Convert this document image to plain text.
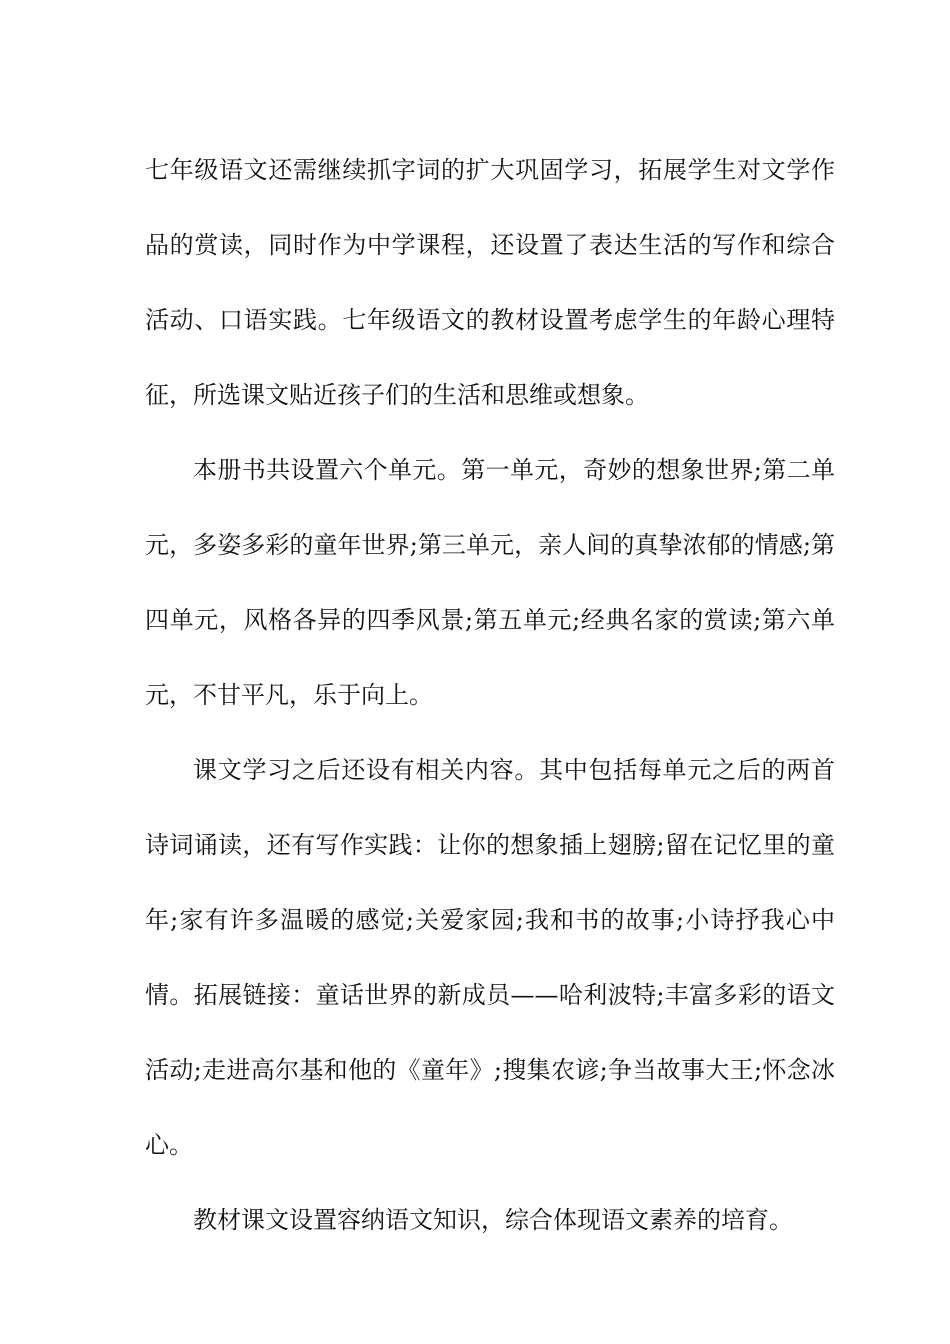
七年级语文还需继续抓字词的扩大巩固学习，拓展学生对文学作品的赏读，同时作为中学课程，还设置了表达生活的写作和综合活动、口语实践。七年级语文的教材设置考虑学生的年龄心理特征，所选课文贴近孩子们的生活和思维或想象。

本册书共设置六个单元。第一单元，奇妙的想象世界;第二单元，多姿多彩的童年世界;第三单元，亲人间的真挚浓郁的情感;第四单元，风格各异的四季风景;第五单元;经典名家的赏读;第六单元，不甘平凡，乐于向上。

课文学习之后还设有相关内容。其中包括每单元之后的两首诗词诵读，还有写作实践：让你的想象插上翅膀;留在记忆里的童年;家有许多温暖的感觉;关爱家园;我和书的故事;小诗抒我心中情。拓展链接：童话世界的新成员——哈利波特;丰富多彩的语文活动;走进高尔基和他的《童年》;搜集农谚;争当故事大王;怀念冰心。

教材课文设置容纳语文知识，综合体现语文素养的培育。
